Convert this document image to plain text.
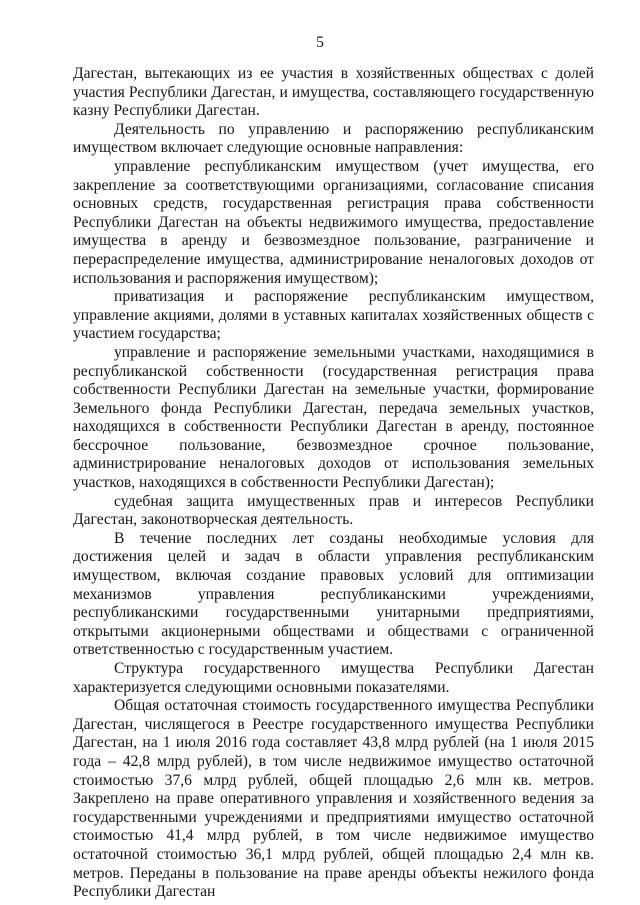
5

Дагестан, вытекающих из ее участия в хозяйственных обществах с долей участия Республики Дагестан, и имущества, составляющего государственную казну Республики Дагестан.

Деятельность по управлению и распоряжению республиканским имуществом включает следующие основные направления:

управление республиканским имуществом (учет имущества, его закрепление за соответствующими организациями, согласование списания основных средств, государственная регистрация права собственности Республики Дагестан на объекты недвижимого имущества, предоставление имущества в аренду и безвозмездное пользование, разграничение и перераспределение имущества, администрирование неналоговых доходов от использования и распоряжения имуществом);

приватизация и распоряжение республиканским имуществом, управление акциями, долями в уставных капиталах хозяйственных обществ с участием государства;

управление и распоряжение земельными участками, находящимися в республиканской собственности (государственная регистрация права собственности Республики Дагестан на земельные участки, формирование Земельного фонда Республики Дагестан, передача земельных участков, находящихся в собственности Республики Дагестан в аренду, постоянное бессрочное пользование, безвозмездное срочное пользование, администрирование неналоговых доходов от использования земельных участков, находящихся в собственности Республики Дагестан);

судебная защита имущественных прав и интересов Республики Дагестан, законотворческая деятельность.

В течение последних лет созданы необходимые условия для достижения целей и задач в области управления республиканским имуществом, включая создание правовых условий для оптимизации механизмов управления республиканскими учреждениями, республиканскими государственными унитарными предприятиями, открытыми акционерными обществами и обществами с ограниченной ответственностью с государственным участием.

Структура государственного имущества Республики Дагестан характеризуется следующими основными показателями.

Общая остаточная стоимость государственного имущества Республики Дагестан, числящегося в Реестре государственного имущества Республики Дагестан, на 1 июля 2016 года составляет 43,8 млрд рублей (на 1 июля 2015 года – 42,8 млрд рублей), в том числе недвижимое имущество остаточной стоимостью 37,6 млрд рублей, общей площадью 2,6 млн кв. метров. Закреплено на праве оперативного управления и хозяйственного ведения за государственными учреждениями и предприятиями имущество остаточной стоимостью 41,4 млрд рублей, в том числе недвижимое имущество остаточной стоимостью 36,1 млрд рублей, общей площадью 2,4 млн кв. метров. Переданы в пользование на праве аренды объекты нежилого фонда Республики Дагестан
